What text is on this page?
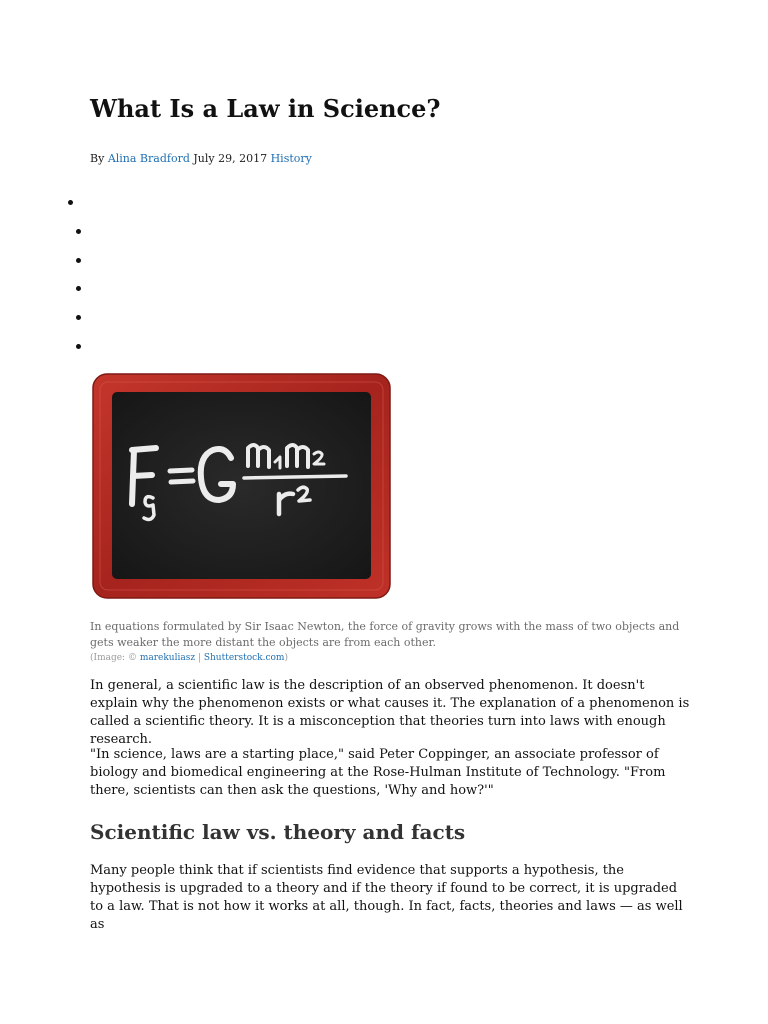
What Is a Law in Science?
By Alina Bradford July 29, 2017 History
In equations formulated by Sir Isaac Newton, the force of gravity grows with the mass of two objects and gets weaker the more distant the objects are from each other.
(Image: © marekuliasz | Shutterstock.com)

In general, a scientific law is the description of an observed phenomenon. It doesn't explain why the phenomenon exists or what causes it. The explanation of a phenomenon is called a scientific theory. It is a misconception that theories turn into laws with enough research.

"In science, laws are a starting place," said Peter Coppinger, an associate professor of biology and biomedical engineering at the Rose-Hulman Institute of Technology. "From there, scientists can then ask the questions, 'Why and how?'"

Scientific law vs. theory and facts

Many people think that if scientists find evidence that supports a hypothesis, the hypothesis is upgraded to a theory and if the theory if found to be correct, it is upgraded to a law. That is not how it works at all, though. In fact, facts, theories and laws — as well as
